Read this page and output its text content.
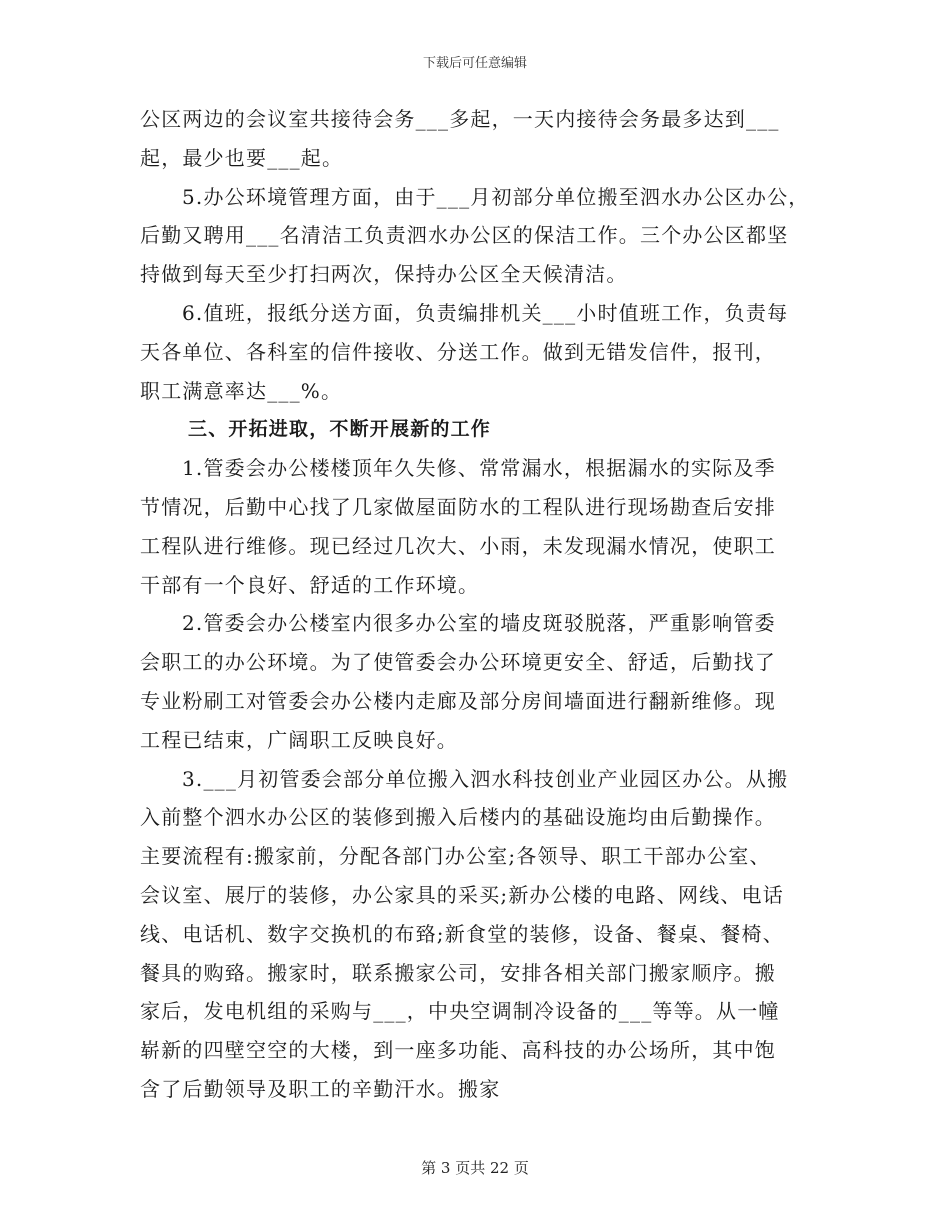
下载后可任意编辑
公区两边的会议室共接待会务___多起，一天内接待会务最多达到___
起，最少也要___起。
5.办公环境管理方面，由于___月初部分单位搬至泗水办公区办公，
后勤又聘用___名清洁工负责泗水办公区的保洁工作。三个办公区都坚
持做到每天至少打扫两次，保持办公区全天候清洁。
6.值班，报纸分送方面，负责编排机关___小时值班工作，负责每
天各单位、各科室的信件接收、分送工作。做到无错发信件，报刊，
职工满意率达___%。
三、开拓进取，不断开展新的工作
1.管委会办公楼楼顶年久失修、常常漏水，根据漏水的实际及季
节情况，后勤中心找了几家做屋面防水的工程队进行现场勘查后安排
工程队进行维修。现已经过几次大、小雨，未发现漏水情况，使职工
干部有一个良好、舒适的工作环境。
2.管委会办公楼室内很多办公室的墙皮斑驳脱落，严重影响管委
会职工的办公环境。为了使管委会办公环境更安全、舒适，后勤找了
专业粉刷工对管委会办公楼内走廊及部分房间墙面进行翻新维修。现
工程已结束，广阔职工反映良好。
3.___月初管委会部分单位搬入泗水科技创业产业园区办公。从搬
入前整个泗水办公区的装修到搬入后楼内的基础设施均由后勤操作。
主要流程有:搬家前，分配各部门办公室;各领导、职工干部办公室、
会议室、展厅的装修，办公家具的采买;新办公楼的电路、网线、电话
线、电话机、数字交换机的布臵;新食堂的装修，设备、餐桌、餐椅、
餐具的购臵。搬家时，联系搬家公司，安排各相关部门搬家顺序。搬
家后，发电机组的采购与___，中央空调制冷设备的___等等。从一幢
崭新的四壁空空的大楼，到一座多功能、高科技的办公场所，其中饱
含了后勤领导及职工的辛勤汗水。搬家
第 3 页共 22 页
